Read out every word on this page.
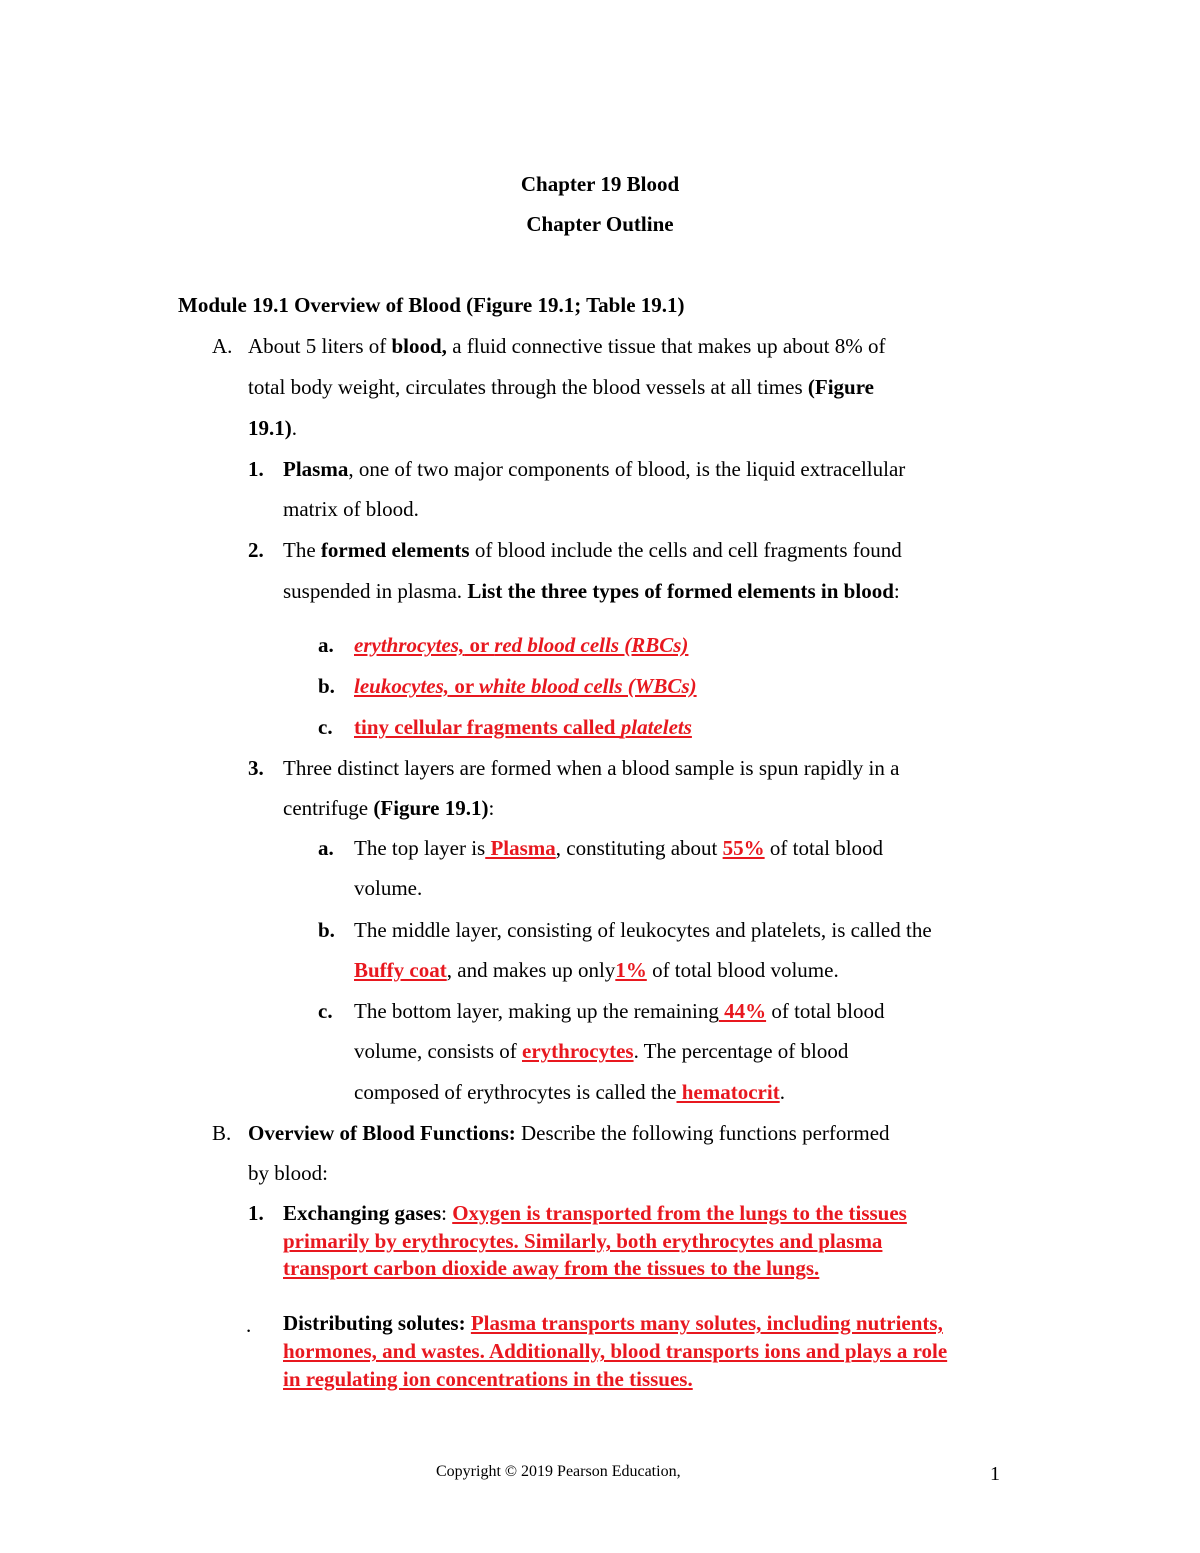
Chapter 19 Blood
Chapter Outline
Module 19.1 Overview of Blood (Figure 19.1; Table 19.1)
A. About 5 liters of blood, a fluid connective tissue that makes up about 8% of
total body weight, circulates through the blood vessels at all times (Figure
19.1).
1. Plasma, one of two major components of blood, is the liquid extracellular
matrix of blood.
2. The formed elements of blood include the cells and cell fragments found
suspended in plasma. List the three types of formed elements in blood:
a. erythrocytes, or red blood cells (RBCs)
b. leukocytes, or white blood cells (WBCs)
c. tiny cellular fragments called platelets
3. Three distinct layers are formed when a blood sample is spun rapidly in a
centrifuge (Figure 19.1):
a. The top layer is Plasma, constituting about 55% of total blood
volume.
b. The middle layer, consisting of leukocytes and platelets, is called the
Buffy coat, and makes up only1% of total blood volume.
c. The bottom layer, making up the remaining 44% of total blood
volume, consists of erythrocytes. The percentage of blood
composed of erythrocytes is called the hematocrit.
B. Overview of Blood Functions: Describe the following functions performed
by blood:
1. Exchanging gases: Oxygen is transported from the lungs to the tissues
primarily by erythrocytes. Similarly, both erythrocytes and plasma
transport carbon dioxide away from the tissues to the lungs.
. Distributing solutes: Plasma transports many solutes, including nutrients,
hormones, and wastes. Additionally, blood transports ions and plays a role
in regulating ion concentrations in the tissues.
Copyright © 2019 Pearson Education,	1
